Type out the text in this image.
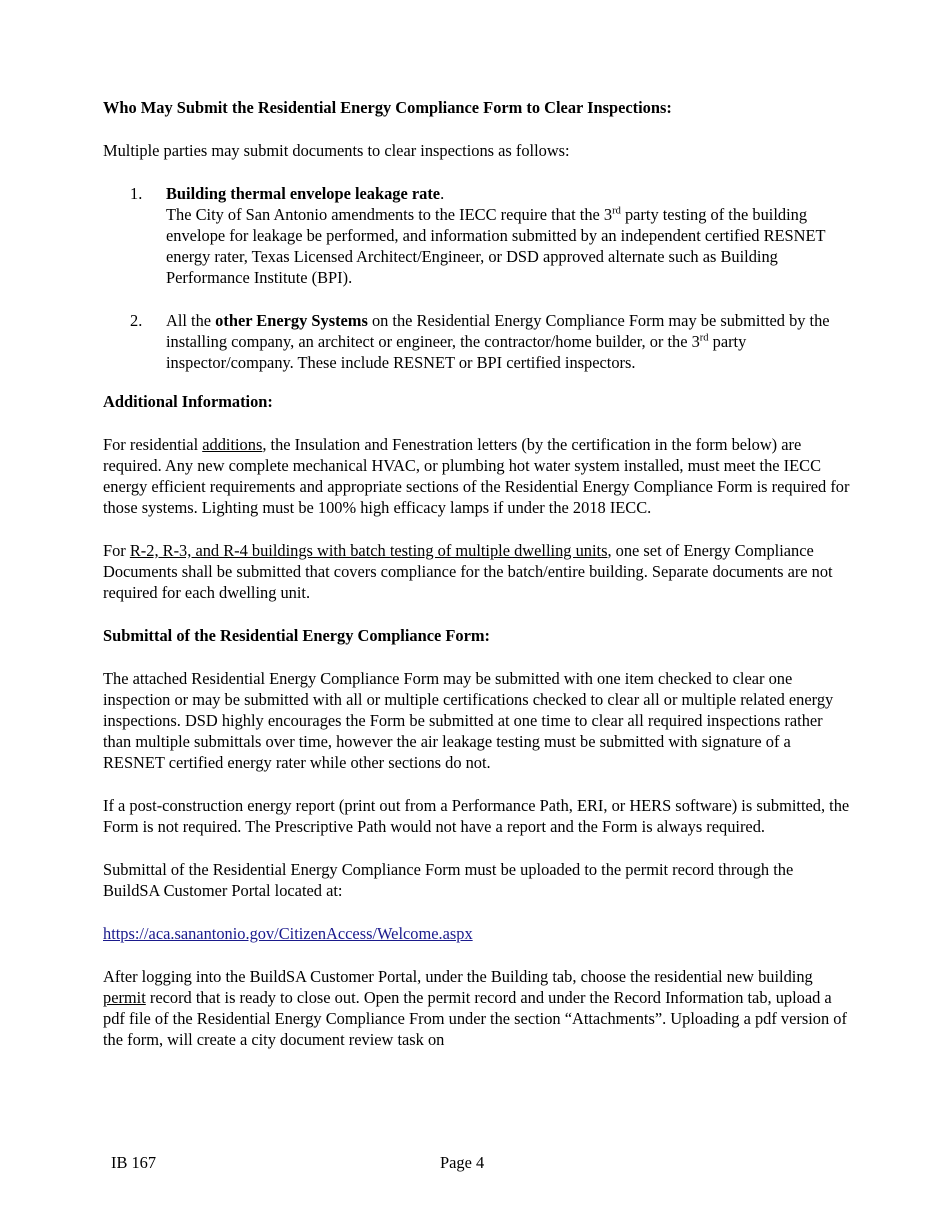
Who May Submit the Residential Energy Compliance Form to Clear Inspections:

Multiple parties may submit documents to clear inspections as follows:

1. Building thermal envelope leakage rate.
The City of San Antonio amendments to the IECC require that the 3rd party testing of the building envelope for leakage be performed, and information submitted by an independent certified RESNET energy rater, Texas Licensed Architect/Engineer, or DSD approved alternate such as Building Performance Institute (BPI).
2. All the other Energy Systems on the Residential Energy Compliance Form may be submitted by the installing company, an architect or engineer, the contractor/home builder, or the 3rd party inspector/company. These include RESNET or BPI certified inspectors.

Additional Information:

For residential additions, the Insulation and Fenestration letters (by the certification in the form below) are required. Any new complete mechanical HVAC, or plumbing hot water system installed, must meet the IECC energy efficient requirements and appropriate sections of the Residential Energy Compliance Form is required for those systems. Lighting must be 100% high efficacy lamps if under the 2018 IECC.

For R-2, R-3, and R-4 buildings with batch testing of multiple dwelling units, one set of Energy Compliance Documents shall be submitted that covers compliance for the batch/entire building. Separate documents are not required for each dwelling unit.

Submittal of the Residential Energy Compliance Form:

The attached Residential Energy Compliance Form may be submitted with one item checked to clear one inspection or may be submitted with all or multiple certifications checked to clear all or multiple related energy inspections. DSD highly encourages the Form be submitted at one time to clear all required inspections rather than multiple submittals over time, however the air leakage testing must be submitted with signature of a RESNET certified energy rater while other sections do not.

If a post-construction energy report (print out from a Performance Path, ERI, or HERS software) is submitted, the Form is not required. The Prescriptive Path would not have a report and the Form is always required.

Submittal of the Residential Energy Compliance Form must be uploaded to the permit record through the BuildSA Customer Portal located at:

https://aca.sanantonio.gov/CitizenAccess/Welcome.aspx

After logging into the BuildSA Customer Portal, under the Building tab, choose the residential new building permit record that is ready to close out. Open the permit record and under the Record Information tab, upload a pdf file of the Residential Energy Compliance From under the section “Attachments”. Uploading a pdf version of the form, will create a city document review task on

IB 167	Page 4
